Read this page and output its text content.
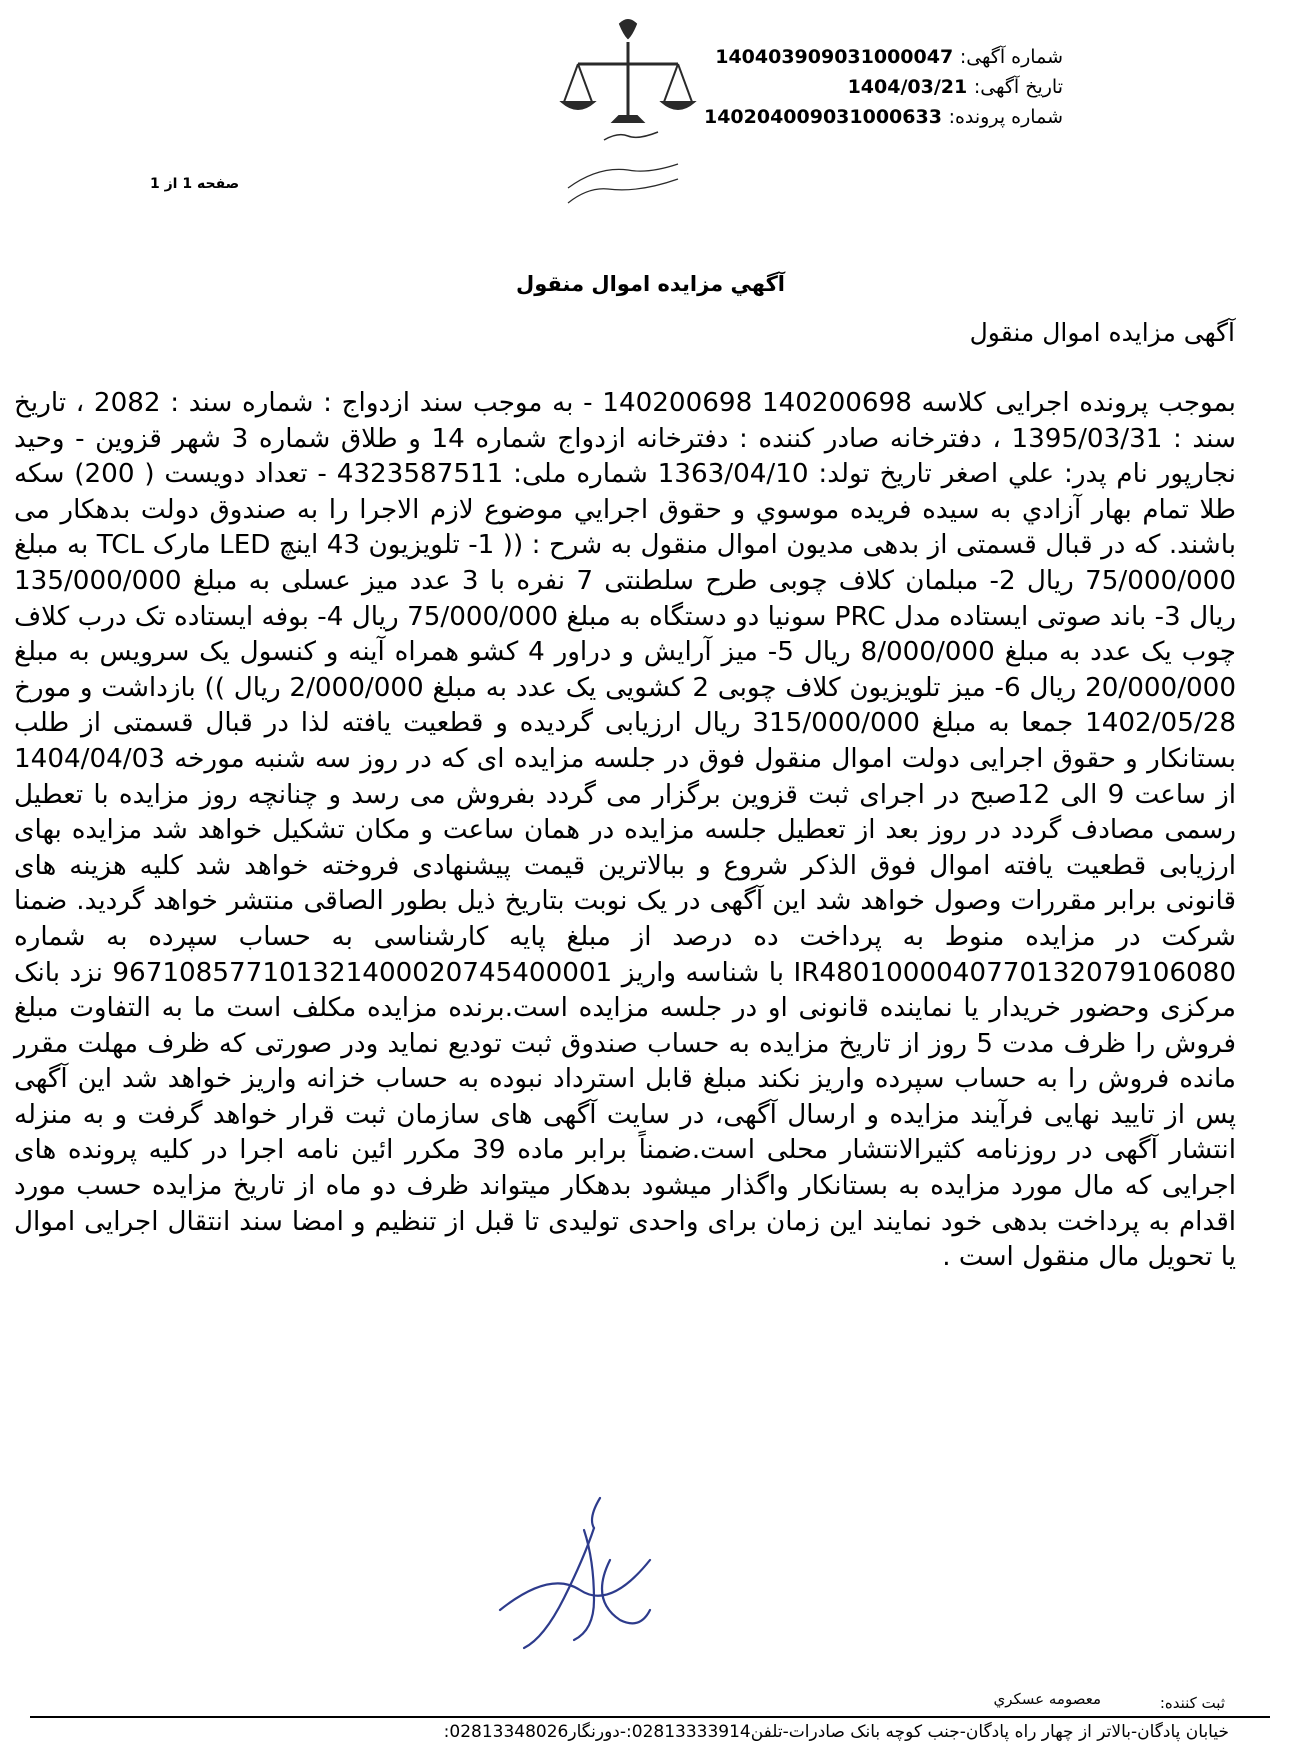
شماره آگهی: 140403909031000047
تاریخ آگهی: 1404/03/21
شماره پرونده: 140204009031000633
صفحه 1 از 1
آگهي مزايده اموال منقول
آگهی مزایده اموال منقول

بموجب پرونده اجرایی کلاسه 140200698 140200698 - به موجب سند ازدواج : شماره سند : 2082 ، تاریخ سند : 1395/03/31 ، دفترخانه صادر کننده : دفترخانه ازدواج شماره 14 و طلاق شماره 3 شهر قزوین - وحید نجارپور نام پدر: علي اصغر تاریخ تولد: 1363/04/10 شماره ملی: 4323587511 - تعداد دویست ( 200) سکه طلا تمام بهار آزادي به سیده فریده موسوي و حقوق اجرایي موضوع لازم الاجرا را به صندوق دولت بدهکار می باشند. که در قبال قسمتی از بدهی مدیون اموال منقول به شرح : (( 1- تلویزیون 43 اینچ LED مارک TCL به مبلغ 75/000/000 ریال 2- مبلمان کلاف چوبی طرح سلطنتی 7 نفره با 3 عدد میز عسلی به مبلغ 135/000/000 ریال 3- باند صوتی ایستاده مدل PRC سونیا دو دستگاه به مبلغ 75/000/000 ریال 4- بوفه ایستاده تک درب کلاف چوب یک عدد به مبلغ 8/000/000 ریال 5- میز آرایش و دراور 4 کشو همراه آینه و کنسول یک سرویس به مبلغ 20/000/000 ریال 6- میز تلویزیون کلاف چوبی 2 کشویی یک عدد به مبلغ 2/000/000 ریال )) بازداشت و مورخ 1402/05/28 جمعا به مبلغ 315/000/000 ریال ارزیابی گردیده و قطعیت یافته لذا در قبال قسمتی از طلب بستانکار و حقوق اجرایی دولت اموال منقول فوق در جلسه مزایده ای که در روز سه شنبه مورخه 1404/04/03 از ساعت 9 الی 12صبح در اجرای ثبت قزوین برگزار می گردد بفروش می رسد و چنانچه روز مزایده با تعطیل رسمی مصادف گردد در روز بعد از تعطیل جلسه مزایده در همان ساعت و مکان تشکیل خواهد شد مزایده بهای ارزیابی قطعیت یافته اموال فوق الذکر شروع و ببالاترین قیمت پیشنهادی فروخته خواهد شد کلیه هزینه های قانونی برابر مقررات وصول خواهد شد این آگهی در یک نوبت بتاریخ ذیل بطور الصاقی منتشر خواهد گردید. ضمنا شرکت در مزایده منوط به پرداخت ده درصد از مبلغ پایه کارشناسی به حساب سپرده به شماره IR480100004077013207910608‌0 با شناسه واریز 967108577101321400020745400001 نزد بانک مرکزی وحضور خریدار یا نماینده قانونی او در جلسه مزایده است.برنده مزایده مکلف است ما به التفاوت مبلغ فروش را ظرف مدت 5 روز از تاریخ مزایده به حساب صندوق ثبت تودیع نماید ودر صورتی که ظرف مهلت مقرر مانده فروش را به حساب سپرده واریز نکند مبلغ قابل استرداد نبوده به حساب خزانه واریز خواهد شد این آگهی پس از تایید نهایی فرآیند مزایده و ارسال آگهی، در سایت آگهی های سازمان ثبت قرار خواهد گرفت و به منزله انتشار آگهی در روزنامه کثیرالانتشار محلی است.ضمناً برابر ماده 39 مکرر ائین نامه اجرا در کلیه پرونده های اجرایی که مال مورد مزایده به بستانکار واگذار میشود بدهکار میتواند ظرف دو ماه از تاریخ مزایده حسب مورد اقدام به پرداخت بدهی خود نمایند این زمان برای واحدی تولیدی تا قبل از تنظیم و امضا سند انتقال اجرایی اموال یا تحویل مال منقول است .

ثبت کننده:
معصومه عسکري
خیابان پادگان-بالاتر از چهار راه پادگان-جنب کوچه بانک صادرات-تلفن02813333914:-دورنگار02813348026:
